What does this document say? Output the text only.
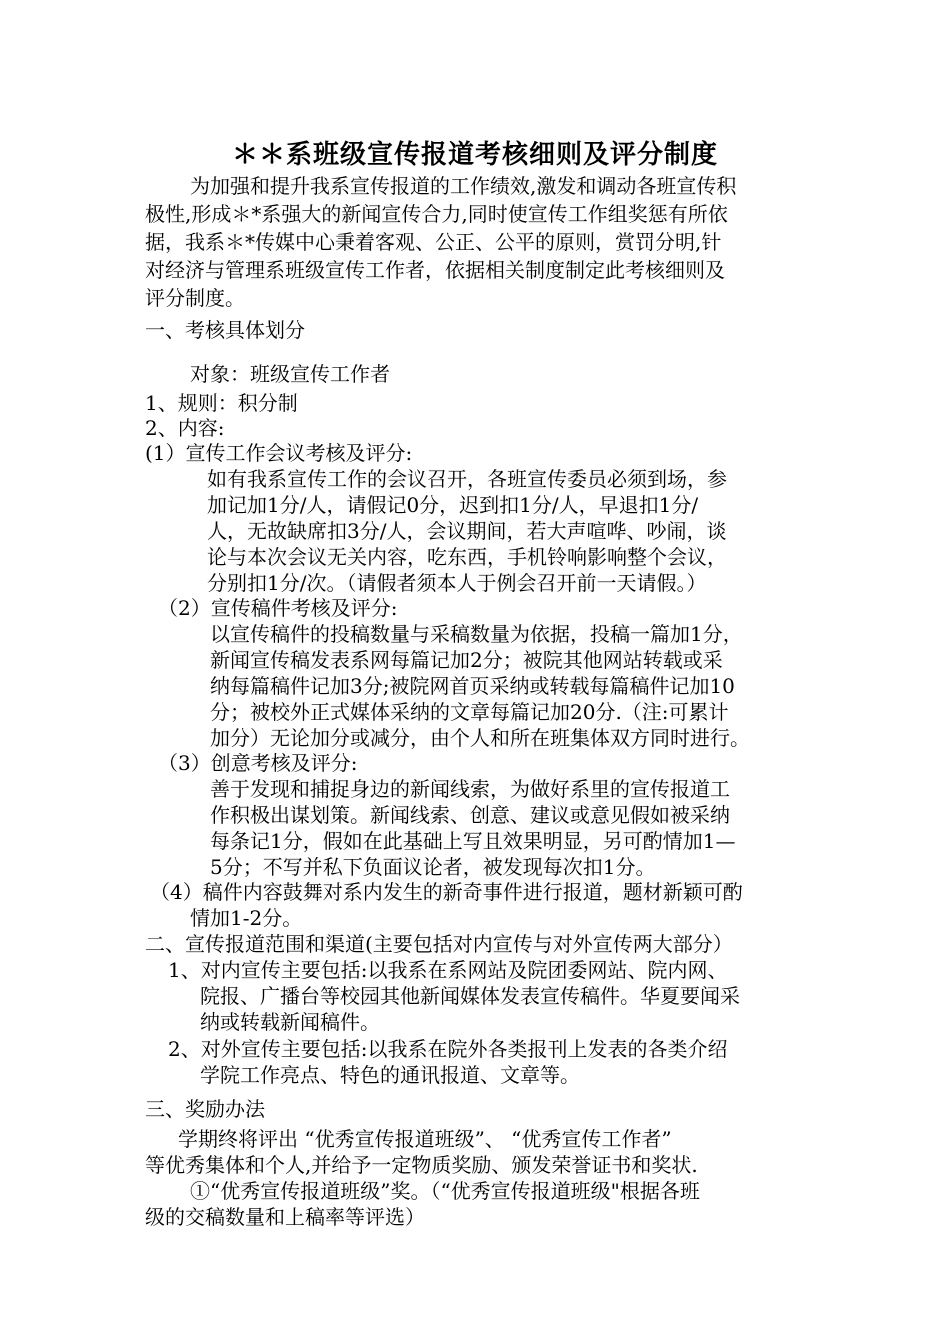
＊＊系班级宣传报道考核细则及评分制度
为加强和提升我系宣传报道的工作绩效,激发和调动各班宣传积
极性,形成＊*系强大的新闻宣传合力,同时使宣传工作组奖惩有所依
据，我系＊*传媒中心秉着客观、公正、公平的原则，赏罚分明,针
对经济与管理系班级宣传工作者，依据相关制度制定此考核细则及
评分制度。
一、考核具体划分
对象：班级宣传工作者
1、规则：积分制
2、内容:
(1）宣传工作会议考核及评分:
如有我系宣传工作的会议召开，各班宣传委员必须到场，参
加记加1分/人，请假记0分，迟到扣1分/人，早退扣1分/
人，无故缺席扣3分/人，会议期间，若大声喧哗、吵闹，谈
论与本次会议无关内容，吃东西，手机铃响影响整个会议，
分别扣1分/次。（请假者须本人于例会召开前一天请假。）
（2）宣传稿件考核及评分:
以宣传稿件的投稿数量与采稿数量为依据，投稿一篇加1分，
新闻宣传稿发表系网每篇记加2分；被院其他网站转载或采
纳每篇稿件记加3分;被院网首页采纳或转载每篇稿件记加10
分；被校外正式媒体采纳的文章每篇记加20分.（注:可累计
加分）无论加分或减分，由个人和所在班集体双方同时进行。
（3）创意考核及评分:
善于发现和捕捉身边的新闻线索，为做好系里的宣传报道工
作积极出谋划策。新闻线索、创意、建议或意见假如被采纳
每条记1分，假如在此基础上写且效果明显，另可酌情加1—
5分；不写并私下负面议论者，被发现每次扣1分。
（4）稿件内容鼓舞对系内发生的新奇事件进行报道，题材新颖可酌
情加1-2分。
二、宣传报道范围和渠道(主要包括对内宣传与对外宣传两大部分）
1、对内宣传主要包括:以我系在系网站及院团委网站、院内网、
院报、广播台等校园其他新闻媒体发表宣传稿件。华夏要闻采
纳或转载新闻稿件。
2、对外宣传主要包括:以我系在院外各类报刊上发表的各类介绍
学院工作亮点、特色的通讯报道、文章等。
三、奖励办法
学期终将评出 “优秀宣传报道班级”、 “优秀宣传工作者”
等优秀集体和个人,并给予一定物质奖励、颁发荣誉证书和奖状.
①“优秀宣传报道班级”奖。（“优秀宣传报道班级"根据各班
级的交稿数量和上稿率等评选）
